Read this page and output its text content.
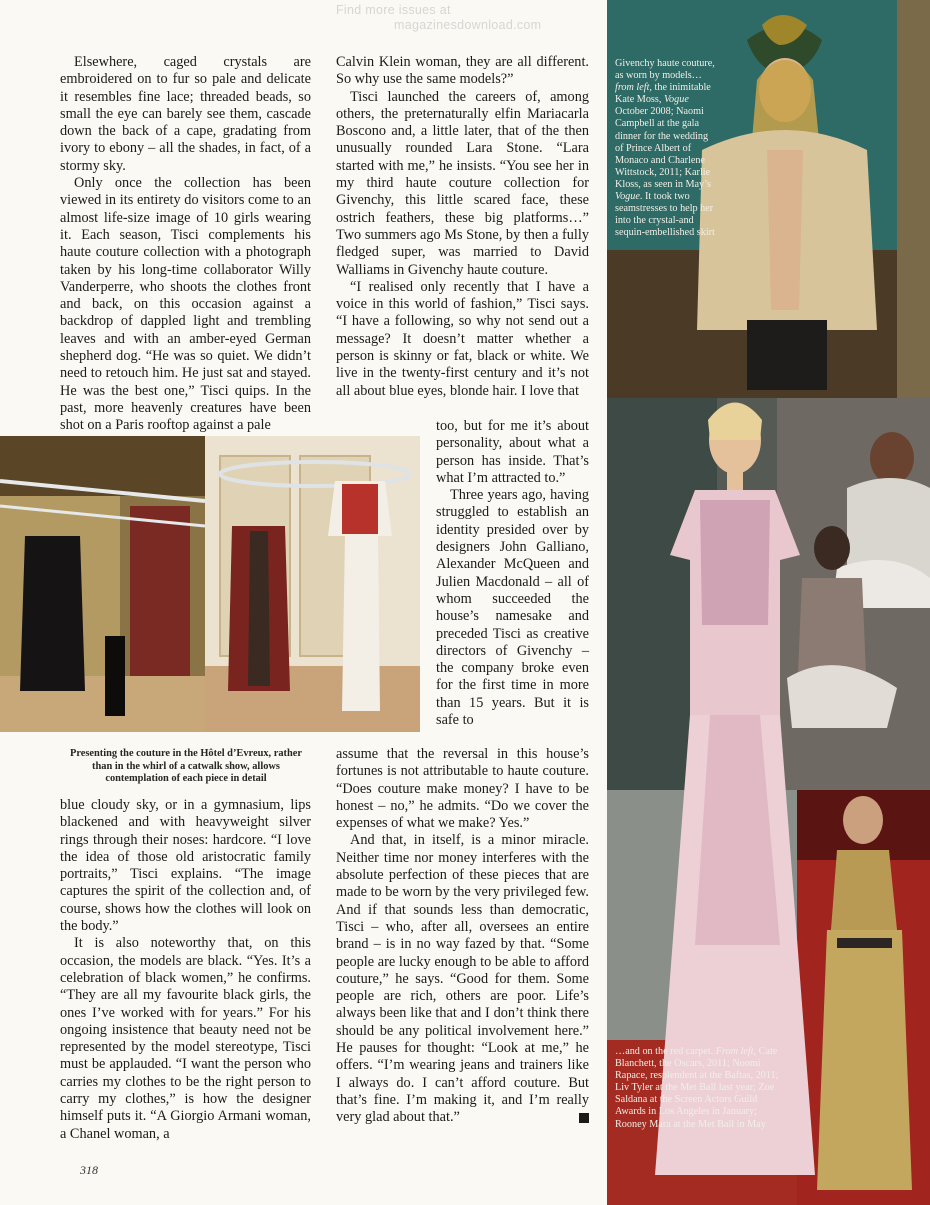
Find more issues at
magazinesdownload.com

Elsewhere, caged crystals are embroidered on to fur so pale and delicate it resembles fine lace; threaded beads, so small the eye can barely see them, cascade down the back of a cape, gradating from ivory to ebony – all the shades, in fact, of a stormy sky.

Only once the collection has been viewed in its entirety do visitors come to an almost life-size image of 10 girls wearing it. Each season, Tisci complements his haute couture collection with a photograph taken by his long-time collaborator Willy Vanderperre, who shoots the clothes front and back, on this occasion against a backdrop of dappled light and trembling leaves and with an amber-eyed German shepherd dog. “He was so quiet. We didn’t need to retouch him. He just sat and stayed. He was the best one,” Tisci quips. In the past, more heavenly creatures have been shot on a Paris rooftop against a pale

Presenting the couture in the Hôtel d’Evreux, rather than in the whirl of a catwalk show, allows contemplation of each piece in detail

blue cloudy sky, or in a gymnasium, lips blackened and with heavyweight silver rings through their noses: hardcore. “I love the idea of those old aristocratic family portraits,” Tisci explains. “The image captures the spirit of the collection and, of course, shows how the clothes will look on the body.”

It is also noteworthy that, on this occasion, the models are black. “Yes. It’s a celebration of black women,” he confirms. “They are all my favourite black girls, the ones I’ve worked with for years.” For his ongoing insistence that beauty need not be represented by the model stereotype, Tisci must be applauded. “I want the person who carries my clothes to be the right person to carry my clothes,” is how the designer himself puts it. “A Giorgio Armani woman, a Chanel woman, a

Calvin Klein woman, they are all different. So why use the same models?”

Tisci launched the careers of, among others, the preternaturally elfin Mariacarla Boscono and, a little later, that of the then unusually rounded Lara Stone. “Lara started with me,” he insists. “You see her in my third haute couture collection for Givenchy, this little scared face, these ostrich feathers, these big platforms…” Two summers ago Ms Stone, by then a fully fledged super, was married to David Walliams in Givenchy haute couture.

“I realised only recently that I have a voice in this world of fashion,” Tisci says. “I have a following, so why not send out a message? It doesn’t matter whether a person is skinny or fat, black or white. We live in the twenty-first century and it’s not all about blue eyes, blonde hair. I love that

too, but for me it’s about personality, about what a person has inside. That’s what I’m attracted to.”

Three years ago, having struggled to establish an identity presided over by designers John Galliano, Alexander McQueen and Julien Macdonald – all of whom succeeded the house’s namesake and preceded Tisci as creative directors of Givenchy – the company broke even for the first time in more than 15 years. But it is safe to

assume that the reversal in this house’s fortunes is not attributable to haute couture. “Does couture make money? I have to be honest – no,” he admits. “Do we cover the expenses of what we make? Yes.”

And that, in itself, is a minor miracle. Neither time nor money interferes with the absolute perfection of these pieces that are made to be worn by the very privileged few. And if that sounds less than democratic, Tisci – who, after all, oversees an entire brand – is in no way fazed by that. “Some people are lucky enough to be able to afford couture,” he says. “Good for them. Some people are rich, others are poor. Life’s always been like that and I don’t think there should be any political involvement here.” He pauses for thought: “Look at me,” he offers. “I’m wearing jeans and trainers like I always do. I can’t afford couture. But that’s fine. I’m making it, and I’m really very glad about that.”

318
Givenchy haute couture, as worn by models… from left, the inimitable Kate Moss, Vogue October 2008; Naomi Campbell at the gala dinner for the wedding of Prince Albert of Monaco and Charlene Wittstock, 2011; Karlie Kloss, as seen in May’s Vogue. It took two seamstresses to help her into the crystal-and sequin-embellished skirt
…and on the red carpet. From left, Cate Blanchett, the Oscars, 2011; Noomi Rapace, resplendent at the Baftas, 2011; Liv Tyler at the Met Ball last year; Zoe Saldana at the Screen Actors Guild Awards in Los Angeles in January; Rooney Mara at the Met Ball in May
